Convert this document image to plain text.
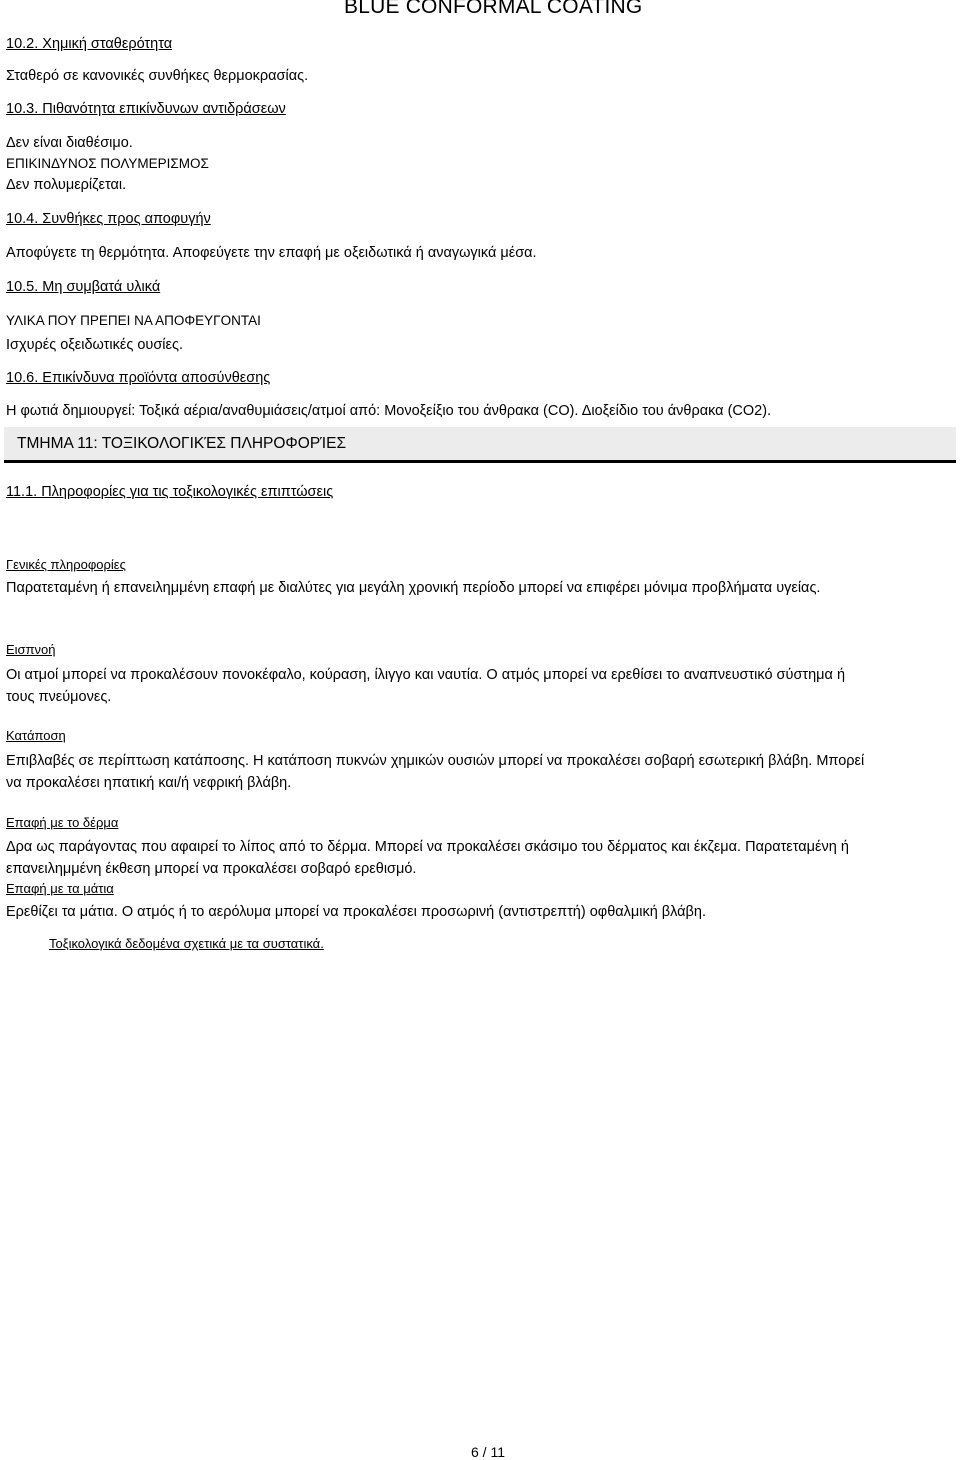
BLUE CONFORMAL COATING
10.2. Χημική σταθερότητα
Σταθερό σε κανονικές συνθήκες θερμοκρασίας.
10.3. Πιθανότητα επικίνδυνων αντιδράσεων
Δεν είναι διαθέσιμο.
ΕΠΙΚΙΝΔΥΝΟΣ ΠΟΛΥΜΕΡΙΣΜΟΣ
Δεν πολυμερίζεται.
10.4. Συνθήκες προς αποφυγήν
Αποφύγετε τη θερμότητα. Αποφεύγετε την επαφή με οξειδωτικά ή αναγωγικά μέσα.
10.5. Μη συμβατά υλικά
ΥΛΙΚΑ ΠΟΥ ΠΡΕΠΕΙ ΝΑ ΑΠΟΦΕΥΓΟΝΤΑΙ
Ισχυρές οξειδωτικές ουσίες.
10.6. Επικίνδυνα προϊόντα αποσύνθεσης
Η φωτιά δημιουργεί: Τοξικά αέρια/αναθυμιάσεις/ατμοί από: Μονοξείξιο του άνθρακα (CO). Διοξείδιο του άνθρακα (CO2).
ΤΜΗΜΑ 11: ΤΟΞΙΚΟΛΟΓΙΚΈΣ ΠΛΗΡΟΦΟΡΊΕΣ
11.1. Πληροφορίες για τις τοξικολογικές επιπτώσεις
Γενικές πληροφορίες
Παρατεταμένη ή επανειλημμένη επαφή με διαλύτες για μεγάλη χρονική περίοδο μπορεί να επιφέρει μόνιμα προβλήματα υγείας.
Εισπνοή
Οι ατμοί μπορεί να προκαλέσουν πονοκέφαλο, κούραση, ίλιγγο και ναυτία. Ο ατμός μπορεί να ερεθίσει το αναπνευστικό σύστημα ή τους πνεύμονες.
Κατάποση
Επιβλαβές σε περίπτωση κατάποσης. Η κατάποση πυκνών χημικών ουσιών μπορεί να προκαλέσει σοβαρή εσωτερική βλάβη. Μπορεί να προκαλέσει ηπατική και/ή νεφρική βλάβη.
Επαφή με το δέρμα
Δρα ως παράγοντας που αφαιρεί το λίπος από το δέρμα. Μπορεί να προκαλέσει σκάσιμο του δέρματος και έκζεμα. Παρατεταμένη ή επανειλημμένη έκθεση μπορεί να προκαλέσει σοβαρό ερεθισμό.
Επαφή με τα μάτια
Ερεθίζει τα μάτια. Ο ατμός ή το αερόλυμα μπορεί να προκαλέσει προσωρινή (αντιστρεπτή) οφθαλμική βλάβη.
Τοξικολογικά δεδομένα σχετικά με τα συστατικά.
6 / 11
